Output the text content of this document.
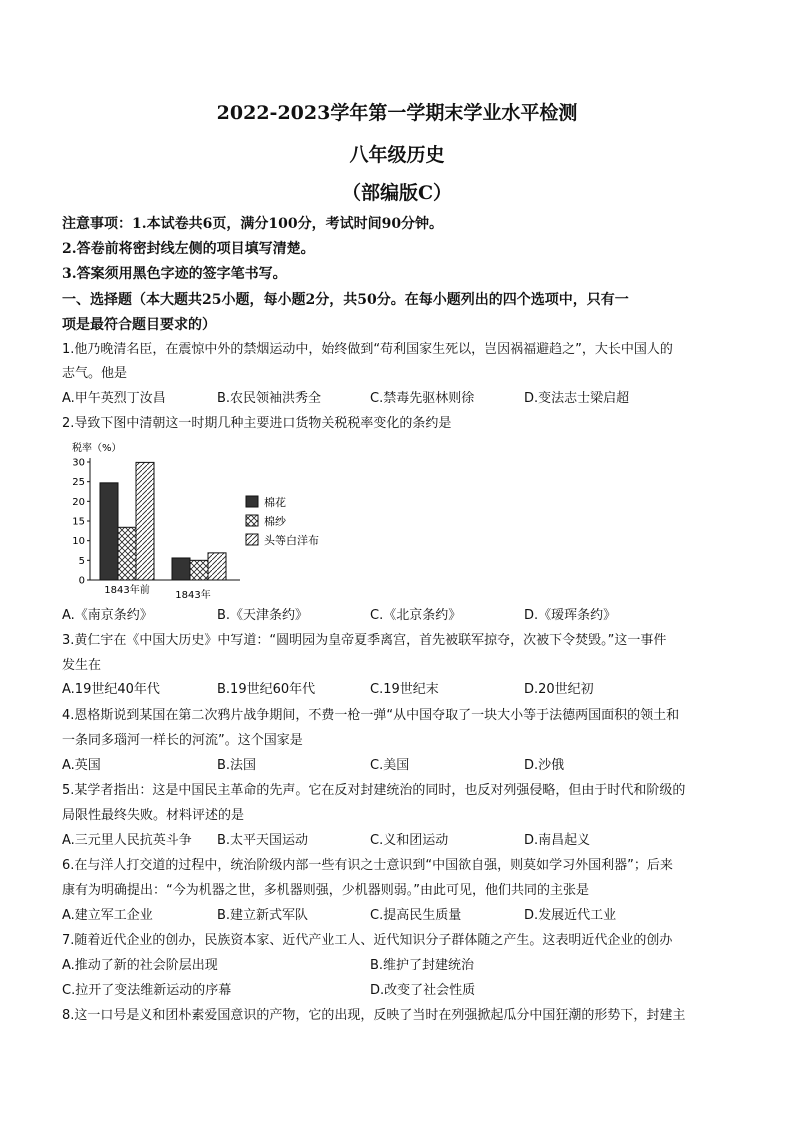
2022-2023学年第一学期末学业水平检测
八年级历史
（部编版C）
注意事项：1.本试卷共6页，满分100分，考试时间90分钟。
2.答卷前将密封线左侧的项目填写清楚。
3.答案须用黑色字迹的签字笔书写。
一、选择题（本大题共25小题，每小题2分，共50分。在每小题列出的四个选项中，只有一
项是最符合题目要求的）
1.他乃晚清名臣，在震惊中外的禁烟运动中，始终做到“苟利国家生死以，岂因祸福避趋之”，大长中国人的
志气。他是
A.甲午英烈丁汝昌	B.农民领袖洪秀全	C.禁毒先驱林则徐	D.变法志士梁启超
2.导致下图中清朝这一时期几种主要进口货物关税税率变化的条约是
税率（%）
0
5
10
15
20
25
30
1843年前	1843年
棉花
棉纱
头等白洋布
A.《南京条约》	B.《天津条约》	C.《北京条约》	D.《瑷珲条约》
3.黄仁宇在《中国大历史》中写道：“圆明园为皇帝夏季离宫，首先被联军掠夺，次被下令焚毁。”这一事件
发生在
A.19世纪40年代	B.19世纪60年代	C.19世纪末	D.20世纪初
4.恩格斯说到某国在第二次鸦片战争期间，不费一枪一弹“从中国夺取了一块大小等于法德两国面积的领土和
一条同多瑙河一样长的河流”。这个国家是
A.英国	B.法国	C.美国	D.沙俄
5.某学者指出：这是中国民主革命的先声。它在反对封建统治的同时，也反对列强侵略，但由于时代和阶级的
局限性最终失败。材料评述的是
A.三元里人民抗英斗争 B.太平天国运动	C.义和团运动	D.南昌起义
6.在与洋人打交道的过程中，统治阶级内部一些有识之士意识到“中国欲自强，则莫如学习外国利器”；后来
康有为明确提出：“今为机器之世，多机器则强，少机器则弱。”由此可见，他们共同的主张是
A.建立军工企业	B.建立新式军队	C.提高民生质量	D.发展近代工业
7.随着近代企业的创办，民族资本家、近代产业工人、近代知识分子群体随之产生。这表明近代企业的创办
A.推动了新的社会阶层出现	B.维护了封建统治
C.拉开了变法维新运动的序幕	D.改变了社会性质
8.这一口号是义和团朴素爱国意识的产物，它的出现，反映了当时在列强掀起瓜分中国狂潮的形势下，封建主
